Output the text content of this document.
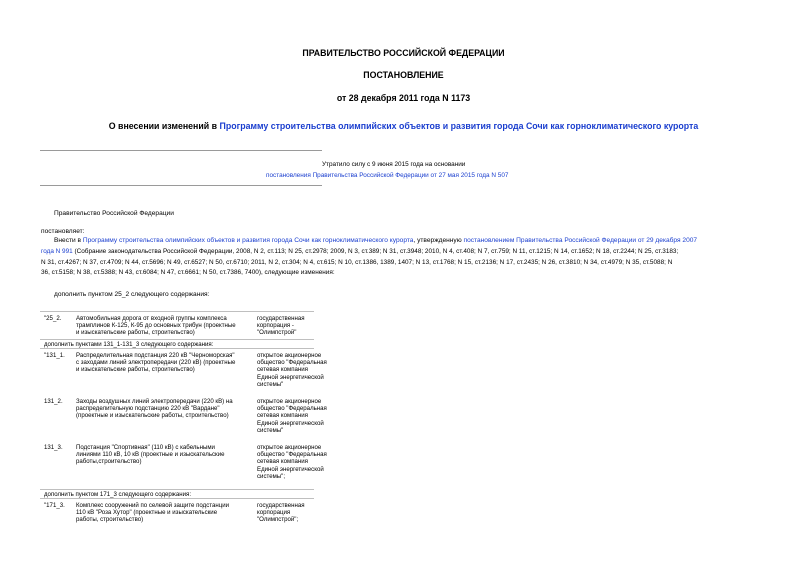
ПРАВИТЕЛЬСТВО РОССИЙСКОЙ ФЕДЕРАЦИИ
ПОСТАНОВЛЕНИЕ
от 28 декабря 2011 года N 1173
О внесении изменений в Программу строительства олимпийских объектов и развития города Сочи как горноклиматического курорта
Утратило силу с 9 июня 2015 года на основании
постановления Правительства Российской Федерации от 27 мая 2015 года N 507
Правительство Российской Федерации
постановляет:
Внести в Программу строительства олимпийских объектов и развития города Сочи как горноклиматического курорта, утвержденную постановлением Правительства Российской Федерации от 29 декабря 2007
года N 991 (Собрание законодательства Российской Федерации, 2008, N 2, ст.113; N 25, ст.2978; 2009, N 3, ст.389; N 31, ст.3948; 2010, N 4, ст.408; N 7, ст.759; N 11, ст.1215; N 14, ст.1652; N 18, ст.2244; N 25, ст.3183;
N 31, ст.4267; N 37, ст.4709; N 44, ст.5696; N 49, ст.6527; N 50, ст.6710; 2011, N 2, ст.304; N 4, ст.615; N 10, ст.1386, 1389, 1407; N 13, ст.1768; N 15, ст.2136; N 17, ст.2435; N 26, ст.3810; N 34, ст.4979; N 35, ст.5088; N
36, ст.5158; N 38, ст.5388; N 43, ст.6084; N 47, ст.6661; N 50, ст.7386, 7400), следующие изменения:
дополнить пунктом 25_2 следующего содержания:
"25_2. Автомобильная дорога от входной группы комплекса
трамплинов К-125, К-95 до основных трибун (проектные
и изыскательские работы, строительство)
государственная
корпорация -
"Олимпстрой"
дополнить пунктами 131_1-131_3 следующего содержания:
"131_1. Распределительная подстанция 220 кВ "Черноморская"
с заходами линий электропередачи (220 кВ) (проектные
и изыскательские работы, строительство)
открытое акционерное
общество "Федеральная
сетевая компания
Единой энергетической
системы"
131_2. Заходы воздушных линий электропередачи (220 кВ) на
распределительную подстанцию 220 кВ "Вардане"
(проектные и изыскательские работы, строительство)
открытое акционерное
общество "Федеральная
сетевая компания
Единой энергетической
системы"
131_3. Подстанция "Спортивная" (110 кВ) с кабельными
линиями 110 кВ, 10 кВ (проектные и изыскательские
работы,строительство)
открытое акционерное
общество "Федеральная
сетевая компания
Единой энергетической
системы";
дополнить пунктом 171_3 следующего содержания:
"171_3. Комплекс сооружений по селевой защите подстанции
110 кВ "Роза Хутор" (проектные и изыскательские
работы, строительство)
государственная
корпорация
"Олимпстрой";
